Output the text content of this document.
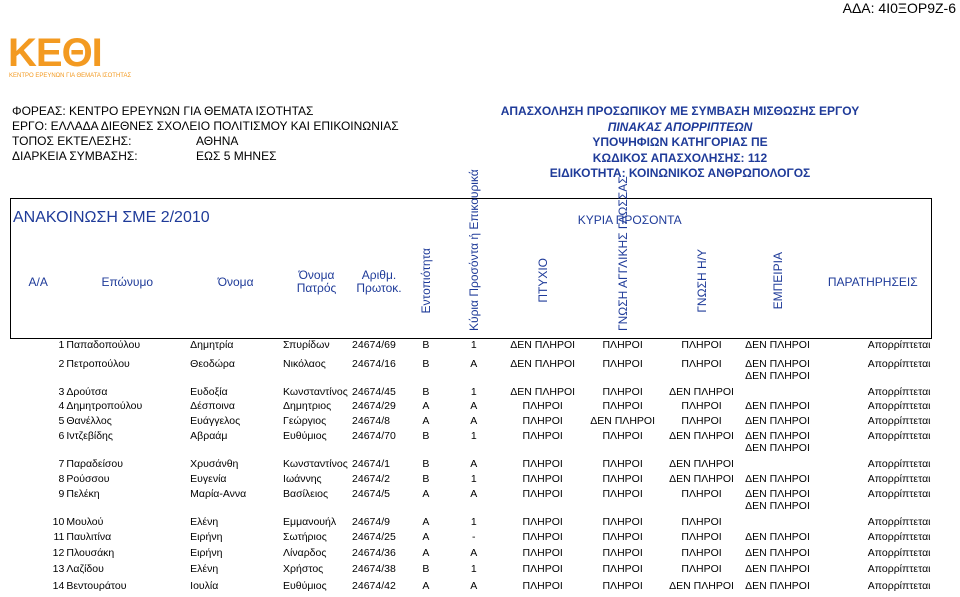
ΑΔΑ: 4Ι0ΞΟΡ9Ζ-6
ΚΕΘΙ
ΚΕΝΤΡΟ ΕΡΕΥΝΩΝ ΓΙΑ ΘΕΜΑΤΑ ΙΣΟΤΗΤΑΣ
ΦΟΡΕΑΣ: ΚΕΝΤΡΟ ΕΡΕΥΝΩΝ ΓΙΑ ΘΕΜΑΤΑ ΙΣΟΤΗΤΑΣ
ΕΡΓΟ: ΕΛΛΑΔΑ ΔΙΕΘΝΕΣ ΣΧΟΛΕΙΟ ΠΟΛΙΤΙΣΜΟΥ ΚΑΙ ΕΠΙΚΟΙΝΩΝΙΑΣ
ΤΟΠΟΣ ΕΚΤΕΛΕΣΗΣ:	ΑΘΗΝΑ
ΔΙΑΡΚΕΙΑ ΣΥΜΒΑΣΗΣ:	ΕΩΣ 5 ΜΗΝΕΣ
ΑΠΑΣΧΟΛΗΣΗ ΠΡΟΣΩΠΙΚΟΥ ΜΕ ΣΥΜΒΑΣΗ ΜΙΣΘΩΣΗΣ ΕΡΓΟΥ
ΠΙΝΑΚΑΣ ΑΠΟΡΡΙΠΤΕΩΝ
ΥΠΟΨΗΦΙΩΝ ΚΑΤΗΓΟΡΙΑΣ ΠΕ
ΚΩΔΙΚΟΣ ΑΠΑΣΧΟΛΗΣΗΣ: 112
ΕΙΔΙΚΟΤΗΤΑ: ΚΟΙΝΩΝΙΚΟΣ ΑΝΘΡΩΠΟΛΟΓΟΣ
ΑΝΑΚΟΙΝΩΣΗ ΣΜΕ 2/2010						ΚΥΡΙΑ ΠΡΟΣΟΝΤΑ					
Α/Α	Επώνυμο	Όνομα	Όνομα Πατρός	Αριθμ. Πρωτοκ.	Εντοπιότητα	Κύρια Προσόντα ή Επικουρικά	ΠΤΥΧΙΟ	ΓΝΩΣΗ ΑΓΓΛΙΚΗΣ ΓΛΩΣΣΑΣ	ΓΝΩΣΗ Η/Υ	ΕΜΠΕΙΡΙΑ	ΠΑΡΑΤΗΡΗΣΕΙΣ
1	Παπαδοπούλου	Δημητρία	Σπυρίδων	24674/69	Β	1	ΔΕΝ ΠΛΗΡΟΙ	ΠΛΗΡΟΙ	ΠΛΗΡΟΙ	ΔΕΝ ΠΛΗΡΟΙ	Απορρίπτεται
2	Πετροπούλου	Θεοδώρα	Νικόλαος	24674/16	Β	Α	ΔΕΝ ΠΛΗΡΟΙ	ΠΛΗΡΟΙ	ΠΛΗΡΟΙ	ΔΕΝ ΠΛΗΡΟΙ	Απορρίπτεται
3	Δρούτσα	Ευδοξία	Κωνσταντίνος	24674/45	Β	1	ΔΕΝ ΠΛΗΡΟΙ	ΠΛΗΡΟΙ	ΔΕΝ ΠΛΗΡΟΙ	ΔΕΝ ΠΛΗΡΟΙ	Απορρίπτεται
4	Δημητροπούλου	Δέσποινα	Δημητριος	24674/29	Α	Α	ΠΛΗΡΟΙ	ΠΛΗΡΟΙ	ΠΛΗΡΟΙ	ΔΕΝ ΠΛΗΡΟΙ	Απορρίπτεται
5	Θανέλλος	Ευάγγελος	Γεώργιος	24674/8	Α	Α	ΠΛΗΡΟΙ	ΔΕΝ ΠΛΗΡΟΙ	ΠΛΗΡΟΙ	ΔΕΝ ΠΛΗΡΟΙ	Απορρίπτεται
6	Ιντζεβίδης	Αβραάμ	Ευθύμιος	24674/70	Β	1	ΠΛΗΡΟΙ	ΠΛΗΡΟΙ	ΔΕΝ ΠΛΗΡΟΙ	ΔΕΝ ΠΛΗΡΟΙ	Απορρίπτεται
7	Παραδείσου	Χρυσάνθη	Κωνσταντίνος	24674/1	Β	Α	ΠΛΗΡΟΙ	ΠΛΗΡΟΙ	ΔΕΝ ΠΛΗΡΟΙ	ΔΕΝ ΠΛΗΡΟΙ	Απορρίπτεται
8	Ρούσσου	Ευγενία	Ιωάννης	24674/2	Β	1	ΠΛΗΡΟΙ	ΠΛΗΡΟΙ	ΔΕΝ ΠΛΗΡΟΙ	ΔΕΝ ΠΛΗΡΟΙ	Απορρίπτεται
9	Πελέκη	Μαρία-Αννα	Βασίλειος	24674/5	Α	Α	ΠΛΗΡΟΙ	ΠΛΗΡΟΙ	ΠΛΗΡΟΙ	ΔΕΝ ΠΛΗΡΟΙ	Απορρίπτεται
10	Μουλού	Ελένη	Εμμανουήλ	24674/9	Α	1	ΠΛΗΡΟΙ	ΠΛΗΡΟΙ	ΠΛΗΡΟΙ	ΔΕΝ ΠΛΗΡΟΙ	Απορρίπτεται
11	Παυλιτίνα	Ειρήνη	Σωτήριος	24674/25	Α	-	ΠΛΗΡΟΙ	ΠΛΗΡΟΙ	ΠΛΗΡΟΙ	ΔΕΝ ΠΛΗΡΟΙ	Απορρίπτεται
12	Πλουσάκη	Ειρήνη	Λίναρδος	24674/36	Α	Α	ΠΛΗΡΟΙ	ΠΛΗΡΟΙ	ΠΛΗΡΟΙ	ΔΕΝ ΠΛΗΡΟΙ	Απορρίπτεται
13	Λαζίδου	Ελένη	Χρήστος	24674/38	Β	1	ΠΛΗΡΟΙ	ΠΛΗΡΟΙ	ΠΛΗΡΟΙ	ΔΕΝ ΠΛΗΡΟΙ	Απορρίπτεται
14	Βεντουράτου	Ιουλία	Ευθύμιος	24674/42	Α	Α	ΠΛΗΡΟΙ	ΠΛΗΡΟΙ	ΔΕΝ ΠΛΗΡΟΙ	ΔΕΝ ΠΛΗΡΟΙ	Απορρίπτεται
